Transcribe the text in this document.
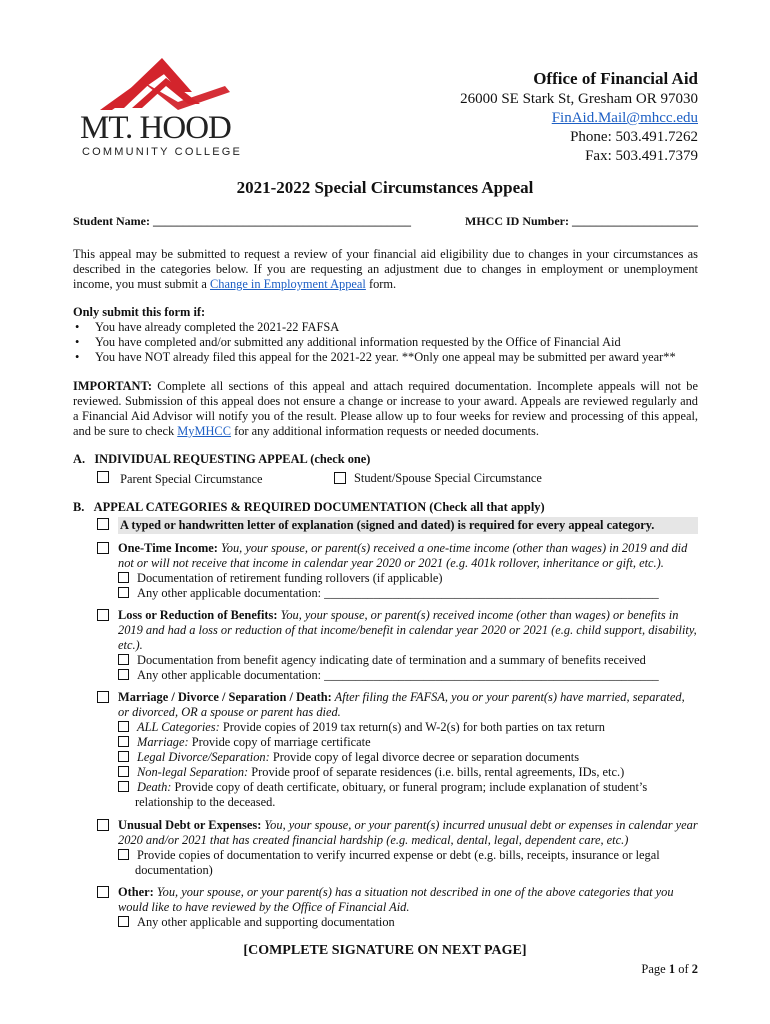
MT. HOOD
COMMUNITY COLLEGE
Office of Financial Aid
26000 SE Stark St, Gresham OR 97030
FinAid.Mail@mhcc.edu
Phone: 503.491.7262
Fax: 503.491.7379
2021-2022 Special Circumstances Appeal
Student Name: ___________________________________________	MHCC ID Number: _____________________
This appeal may be submitted to request a review of your financial aid eligibility due to changes in your circumstances as described in the categories below. If you are requesting an adjustment due to changes in employment or unemployment income, you must submit a Change in Employment Appeal form.
Only submit this form if:
• You have already completed the 2021-22 FAFSA
• You have completed and/or submitted any additional information requested by the Office of Financial Aid
• You have NOT already filed this appeal for the 2021-22 year. **Only one appeal may be submitted per award year**
IMPORTANT: Complete all sections of this appeal and attach required documentation. Incomplete appeals will not be reviewed. Submission of this appeal does not ensure a change or increase to your award. Appeals are reviewed regularly and a Financial Aid Advisor will notify you of the result. Please allow up to four weeks for review and processing of this appeal, and be sure to check MyMHCC for any additional information requests or needed documents.
A. INDIVIDUAL REQUESTING APPEAL (check one)
Parent Special Circumstance	Student/Spouse Special Circumstance
B. APPEAL CATEGORIES & REQUIRED DOCUMENTATION (Check all that apply)
A typed or handwritten letter of explanation (signed and dated) is required for every appeal category.
One-Time Income: You, your spouse, or parent(s) received a one-time income (other than wages) in 2019 and did not or will not receive that income in calendar year 2020 or 2021 (e.g. 401k rollover, inheritance or gift, etc.).
Documentation of retirement funding rollovers (if applicable)
Any other applicable documentation: ______________________________________________________
Loss or Reduction of Benefits: You, your spouse, or parent(s) received income (other than wages) or benefits in 2019 and had a loss or reduction of that income/benefit in calendar year 2020 or 2021 (e.g. child support, disability, etc.).
Documentation from benefit agency indicating date of termination and a summary of benefits received
Any other applicable documentation: ______________________________________________________
Marriage / Divorce / Separation / Death: After filing the FAFSA, you or your parent(s) have married, separated, or divorced, OR a spouse or parent has died.
ALL Categories: Provide copies of 2019 tax return(s) and W-2(s) for both parties on tax return
Marriage: Provide copy of marriage certificate
Legal Divorce/Separation: Provide copy of legal divorce decree or separation documents
Non-legal Separation: Provide proof of separate residences (i.e. bills, rental agreements, IDs, etc.)
Death: Provide copy of death certificate, obituary, or funeral program; include explanation of student’s relationship to the deceased.
Unusual Debt or Expenses: You, your spouse, or your parent(s) incurred unusual debt or expenses in calendar year 2020 and/or 2021 that has created financial hardship (e.g. medical, dental, legal, dependent care, etc.)
Provide copies of documentation to verify incurred expense or debt (e.g. bills, receipts, insurance or legal documentation)
Other: You, your spouse, or your parent(s) has a situation not described in one of the above categories that you would like to have reviewed by the Office of Financial Aid.
Any other applicable and supporting documentation
[COMPLETE SIGNATURE ON NEXT PAGE]
Page 1 of 2
